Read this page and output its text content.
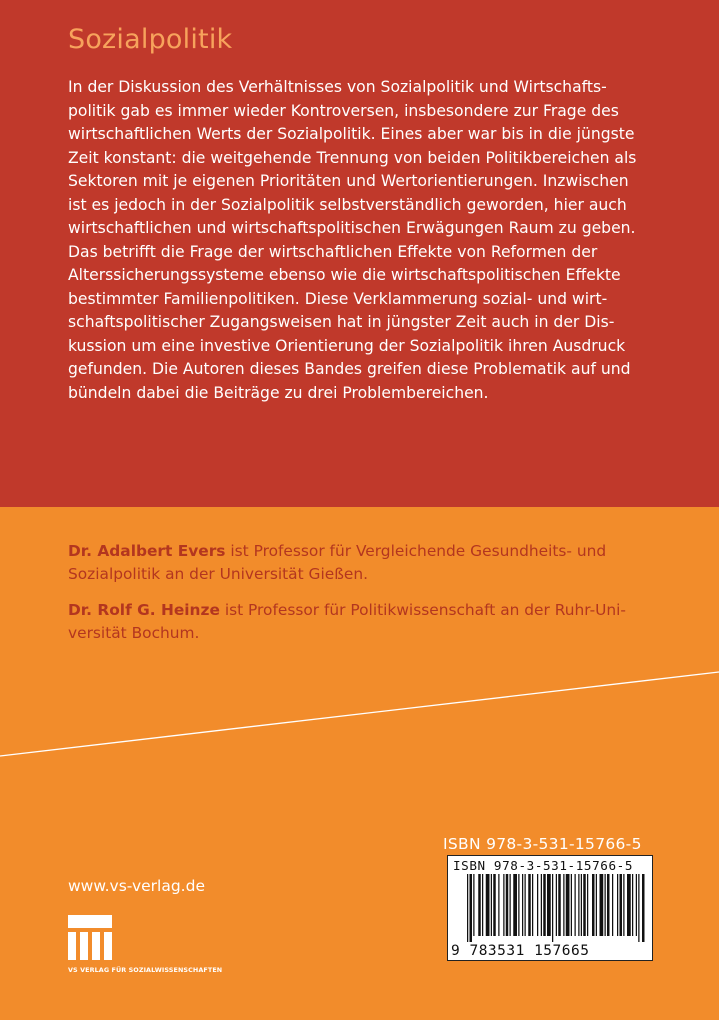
Sozialpolitik
In der Diskussion des Verhältnisses von Sozialpolitik und Wirtschafts-
politik gab es immer wieder Kontroversen, insbesondere zur Frage des
wirtschaftlichen Werts der Sozialpolitik. Eines aber war bis in die jüngste
Zeit konstant: die weitgehende Trennung von beiden Politikbereichen als
Sektoren mit je eigenen Prioritäten und Wertorientierungen. Inzwischen
ist es jedoch in der Sozialpolitik selbstverständlich geworden, hier auch
wirtschaftlichen und wirtschaftspolitischen Erwägungen Raum zu geben.
Das betrifft die Frage der wirtschaftlichen Effekte von Reformen der
Alterssicherungssysteme ebenso wie die wirtschaftspolitischen Effekte
bestimmter Familienpolitiken. Diese Verklammerung sozial- und wirt-
schaftspolitischer Zugangsweisen hat in jüngster Zeit auch in der Dis-
kussion um eine investive Orientierung der Sozialpolitik ihren Ausdruck
gefunden. Die Autoren dieses Bandes greifen diese Problematik auf und
bündeln dabei die Beiträge zu drei Problembereichen.
Dr. Adalbert Evers ist Professor für Vergleichende Gesundheits- und
Sozialpolitik an der Universität Gießen.
Dr. Rolf G. Heinze ist Professor für Politikwissenschaft an der Ruhr-Uni-
versität Bochum.
www.vs-verlag.de
VS VERLAG FÜR SOZIALWISSENSCHAFTEN
ISBN 978-3-531-15766-5
ISBN 978-3-531-15766-5
9 783531 157665
